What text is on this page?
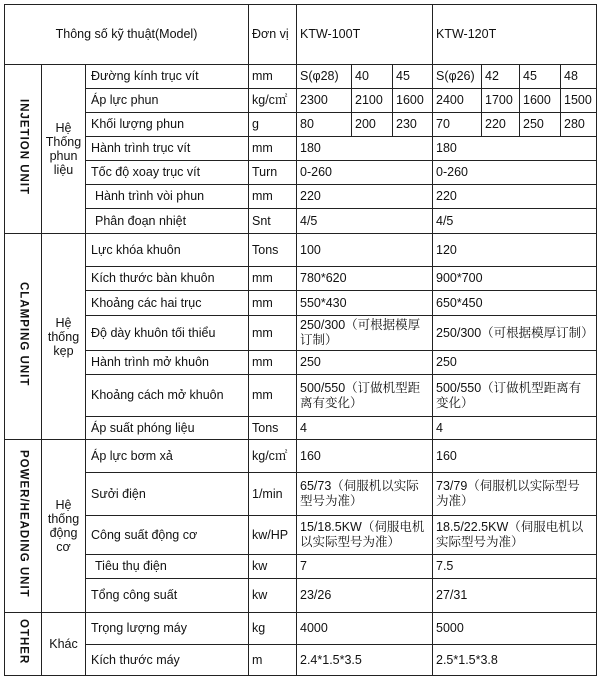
Thông số kỹ thuật(Model)			Đơn vị	KTW-100T			KTW-120T			
INJETION UNIT	Hệ Thống phun liệu	Đường kính trục vít	mm	S(φ28)	40	45	S(φ26)	42	45	48
		Áp lực phun	kg/c㎡	2300	2100	1600	2400	1700	1600	1500
		Khối lượng phun	g	80	200	230	70	220	250	280
		Hành trình trục vít	mm	180			180			
		Tốc độ xoay trục vít	Turn	0-260			0-260			
		Hành trình vòi phun	mm	220			220			
		Phân đoạn nhiệt	Snt	4/5			4/5			
CLAMPING UNIT	Hệ thống kẹp	Lực khóa khuôn	Tons	100			120			
		Kích thước bàn khuôn	mm	780*620			900*700			
		Khoảng các hai trục	mm	550*430			650*450			
		Độ dày khuôn tối thiểu	mm	250/300（可根据模厚订制）			250/300（可根据模厚订制）			
		Hành trình mở khuôn	mm	250			250			
		Khoảng cách mở khuôn	mm	500/550（订做机型距离有变化）			500/550（订做机型距离有变化）			
		Áp suất phóng liệu	Tons	4			4			
POWER/HEADING UNIT	Hệ thống động cơ	Áp lực bơm xả	kg/c㎡	160			160			
		Sưởi điện	1/min	65/73（伺服机以实际型号为准）			73/79（伺服机以实际型号为准）			
		Công suất động cơ	kw/HP	15/18.5KW（伺服电机以实际型号为准）			18.5/22.5KW（伺服电机以实际型号为准）			
		Tiêu thụ điện	kw	7			7.5			
		Tổng công suất	kw	23/26			27/31			
OTHER	Khác	Trọng lượng máy	kg	4000			5000			
		Kích thước máy	m	2.4*1.5*3.5			2.5*1.5*3.8			
